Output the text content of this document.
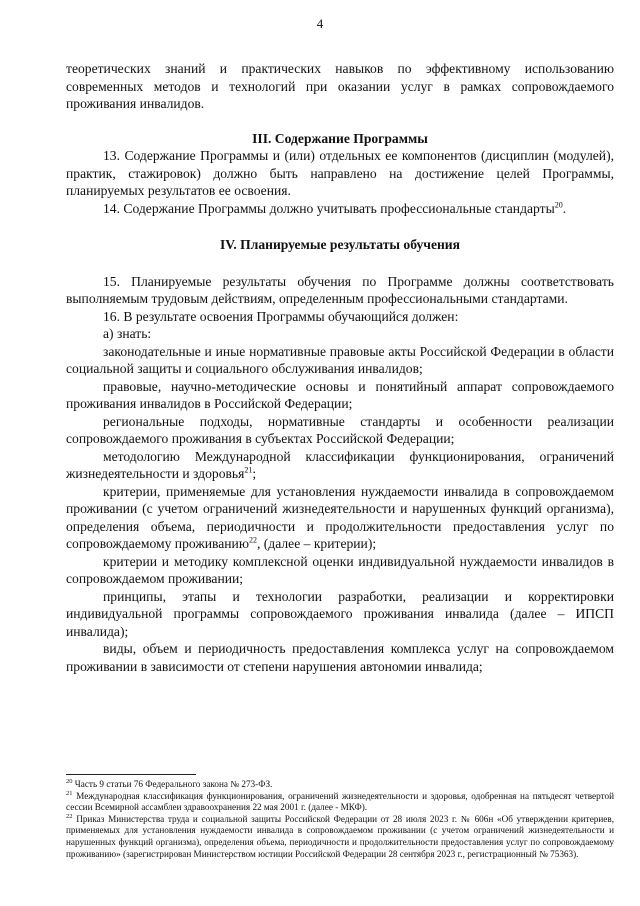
4

теоретических знаний и практических навыков по эффективному использованию современных методов и технологий при оказании услуг в рамках сопровождаемого проживания инвалидов.

III. Содержание Программы

13. Содержание Программы и (или) отдельных ее компонентов (дисциплин (модулей), практик, стажировок) должно быть направлено на достижение целей Программы, планируемых результатов ее освоения.

14. Содержание Программы должно учитывать профессиональные стандарты$^{20}$.

IV. Планируемые результаты обучения

15. Планируемые результаты обучения по Программе должны соответствовать выполняемым трудовым действиям, определенным профессиональными стандартами.

16. В результате освоения Программы обучающийся должен:

а) знать:

законодательные и иные нормативные правовые акты Российской Федерации в области социальной защиты и социального обслуживания инвалидов;

правовые, научно-методические основы и понятийный аппарат сопровождаемого проживания инвалидов в Российской Федерации;

региональные подходы, нормативные стандарты и особенности реализации сопровождаемого проживания в субъектах Российской Федерации;

методологию Международной классификации функционирования, ограничений жизнедеятельности и здоровья$^{21}$;

критерии, применяемые для установления нуждаемости инвалида в сопровождаемом проживании (с учетом ограничений жизнедеятельности и нарушенных функций организма), определения объема, периодичности и продолжительности предоставления услуг по сопровождаемому проживанию$^{22}$, (далее – критерии);

критерии и методику комплексной оценки индивидуальной нуждаемости инвалидов в сопровождаемом проживании;

принципы, этапы и технологии разработки, реализации и корректировки индивидуальной программы сопровождаемого проживания инвалида (далее – ИПСП инвалида);

виды, объем и периодичность предоставления комплекса услуг на сопровождаемом проживании в зависимости от степени нарушения автономии инвалида;

$^{20}$ Часть 9 статьи 76 Федерального закона № 273-ФЗ.

$^{21}$ Международная классификация функционирования, ограничений жизнедеятельности и здоровья, одобренная на пятьдесят четвертой сессии Всемирной ассамблеи здравоохранения 22 мая 2001 г. (далее - МКФ).

$^{22}$ Приказ Министерства труда и социальной защиты Российской Федерации от 28 июля 2023 г. № 606н «Об утверждении критериев, применяемых для установления нуждаемости инвалида в сопровождаемом проживании (с учетом ограничений жизнедеятельности и нарушенных функций организма), определения объема, периодичности и продолжительности предоставления услуг по сопровождаемому проживанию» (зарегистрирован Министерством юстиции Российской Федерации 28 сентября 2023 г., регистрационный № 75363).
